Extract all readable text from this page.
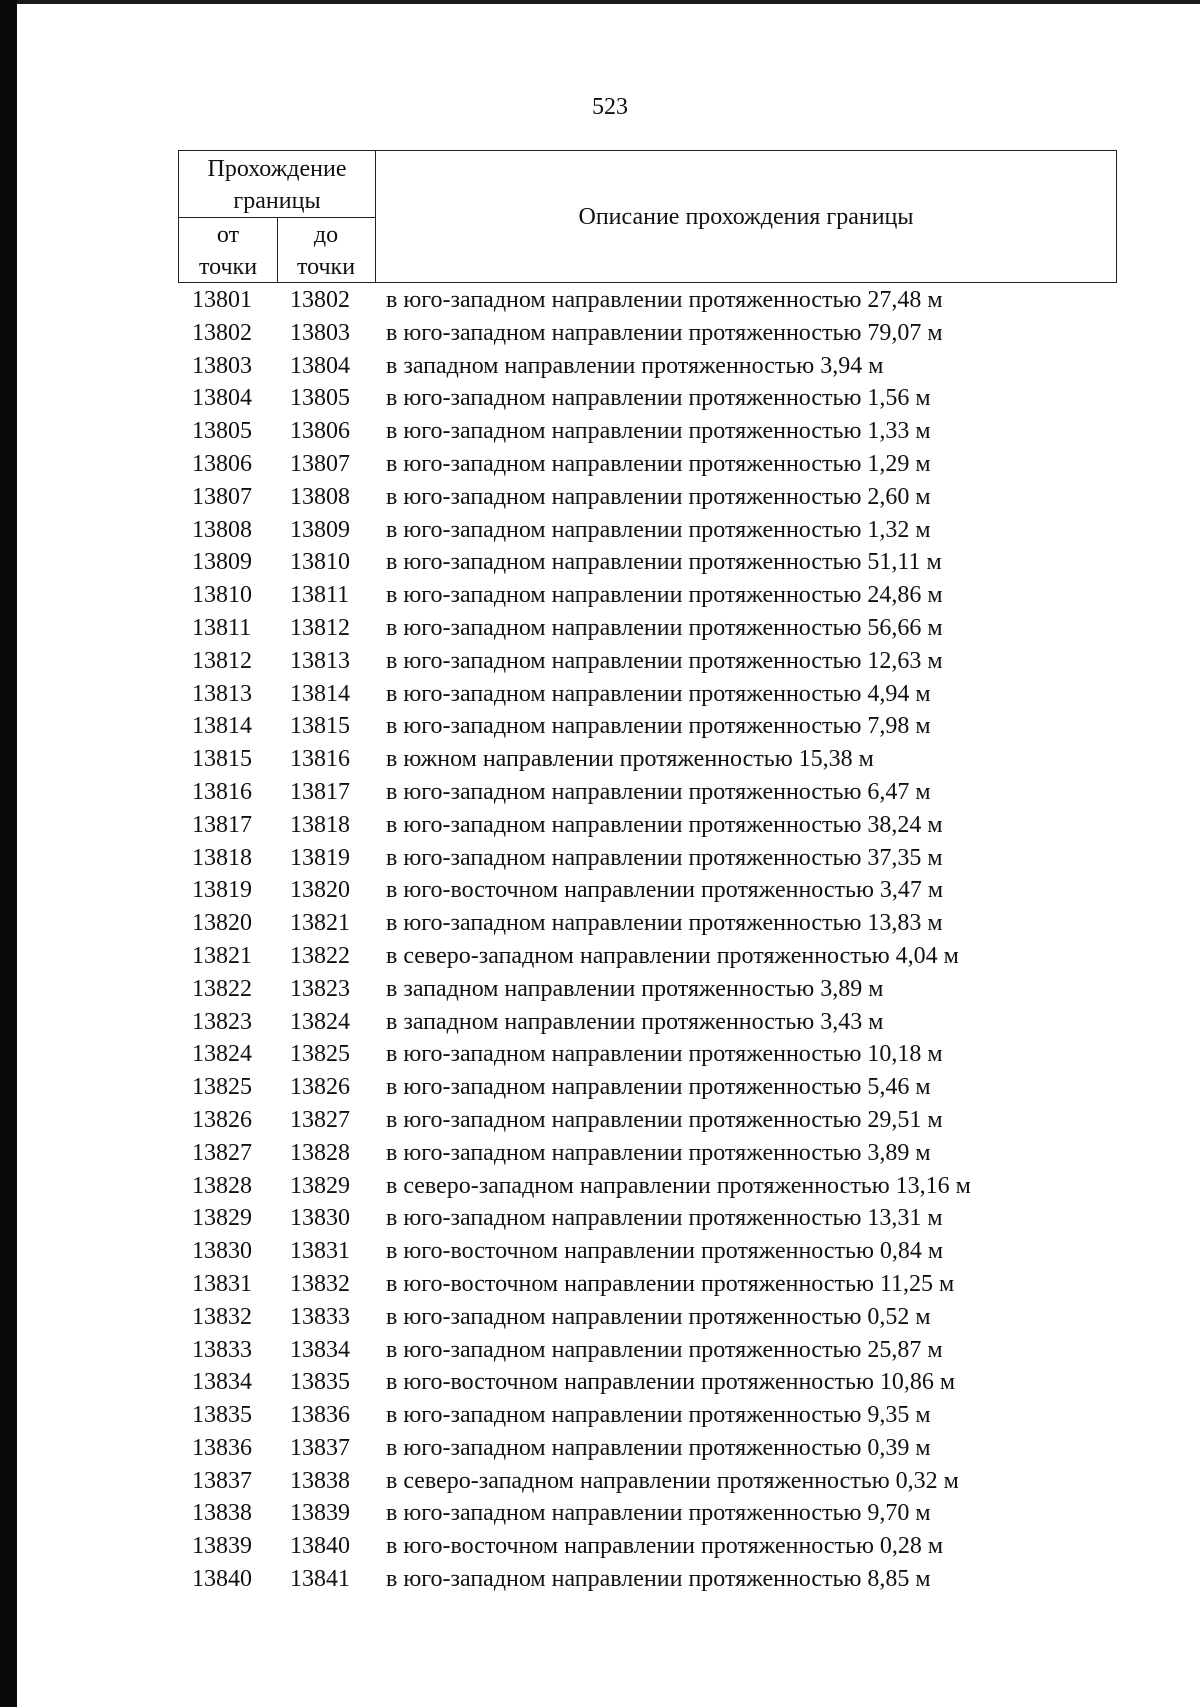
523
Прохождение границы
от точки
до точки
Описание прохождения границы
13801 13802 в юго-западном направлении протяженностью 27,48 м
13802 13803 в юго-западном направлении протяженностью 79,07 м
13803 13804 в западном направлении протяженностью 3,94 м
13804 13805 в юго-западном направлении протяженностью 1,56 м
13805 13806 в юго-западном направлении протяженностью 1,33 м
13806 13807 в юго-западном направлении протяженностью 1,29 м
13807 13808 в юго-западном направлении протяженностью 2,60 м
13808 13809 в юго-западном направлении протяженностью 1,32 м
13809 13810 в юго-западном направлении протяженностью 51,11 м
13810 13811 в юго-западном направлении протяженностью 24,86 м
13811 13812 в юго-западном направлении протяженностью 56,66 м
13812 13813 в юго-западном направлении протяженностью 12,63 м
13813 13814 в юго-западном направлении протяженностью 4,94 м
13814 13815 в юго-западном направлении протяженностью 7,98 м
13815 13816 в южном направлении протяженностью 15,38 м
13816 13817 в юго-западном направлении протяженностью 6,47 м
13817 13818 в юго-западном направлении протяженностью 38,24 м
13818 13819 в юго-западном направлении протяженностью 37,35 м
13819 13820 в юго-восточном направлении протяженностью 3,47 м
13820 13821 в юго-западном направлении протяженностью 13,83 м
13821 13822 в северо-западном направлении протяженностью 4,04 м
13822 13823 в западном направлении протяженностью 3,89 м
13823 13824 в западном направлении протяженностью 3,43 м
13824 13825 в юго-западном направлении протяженностью 10,18 м
13825 13826 в юго-западном направлении протяженностью 5,46 м
13826 13827 в юго-западном направлении протяженностью 29,51 м
13827 13828 в юго-западном направлении протяженностью 3,89 м
13828 13829 в северо-западном направлении протяженностью 13,16 м
13829 13830 в юго-западном направлении протяженностью 13,31 м
13830 13831 в юго-восточном направлении протяженностью 0,84 м
13831 13832 в юго-восточном направлении протяженностью 11,25 м
13832 13833 в юго-западном направлении протяженностью 0,52 м
13833 13834 в юго-западном направлении протяженностью 25,87 м
13834 13835 в юго-восточном направлении протяженностью 10,86 м
13835 13836 в юго-западном направлении протяженностью 9,35 м
13836 13837 в юго-западном направлении протяженностью 0,39 м
13837 13838 в северо-западном направлении протяженностью 0,32 м
13838 13839 в юго-западном направлении протяженностью 9,70 м
13839 13840 в юго-восточном направлении протяженностью 0,28 м
13840 13841 в юго-западном направлении протяженностью 8,85 м
